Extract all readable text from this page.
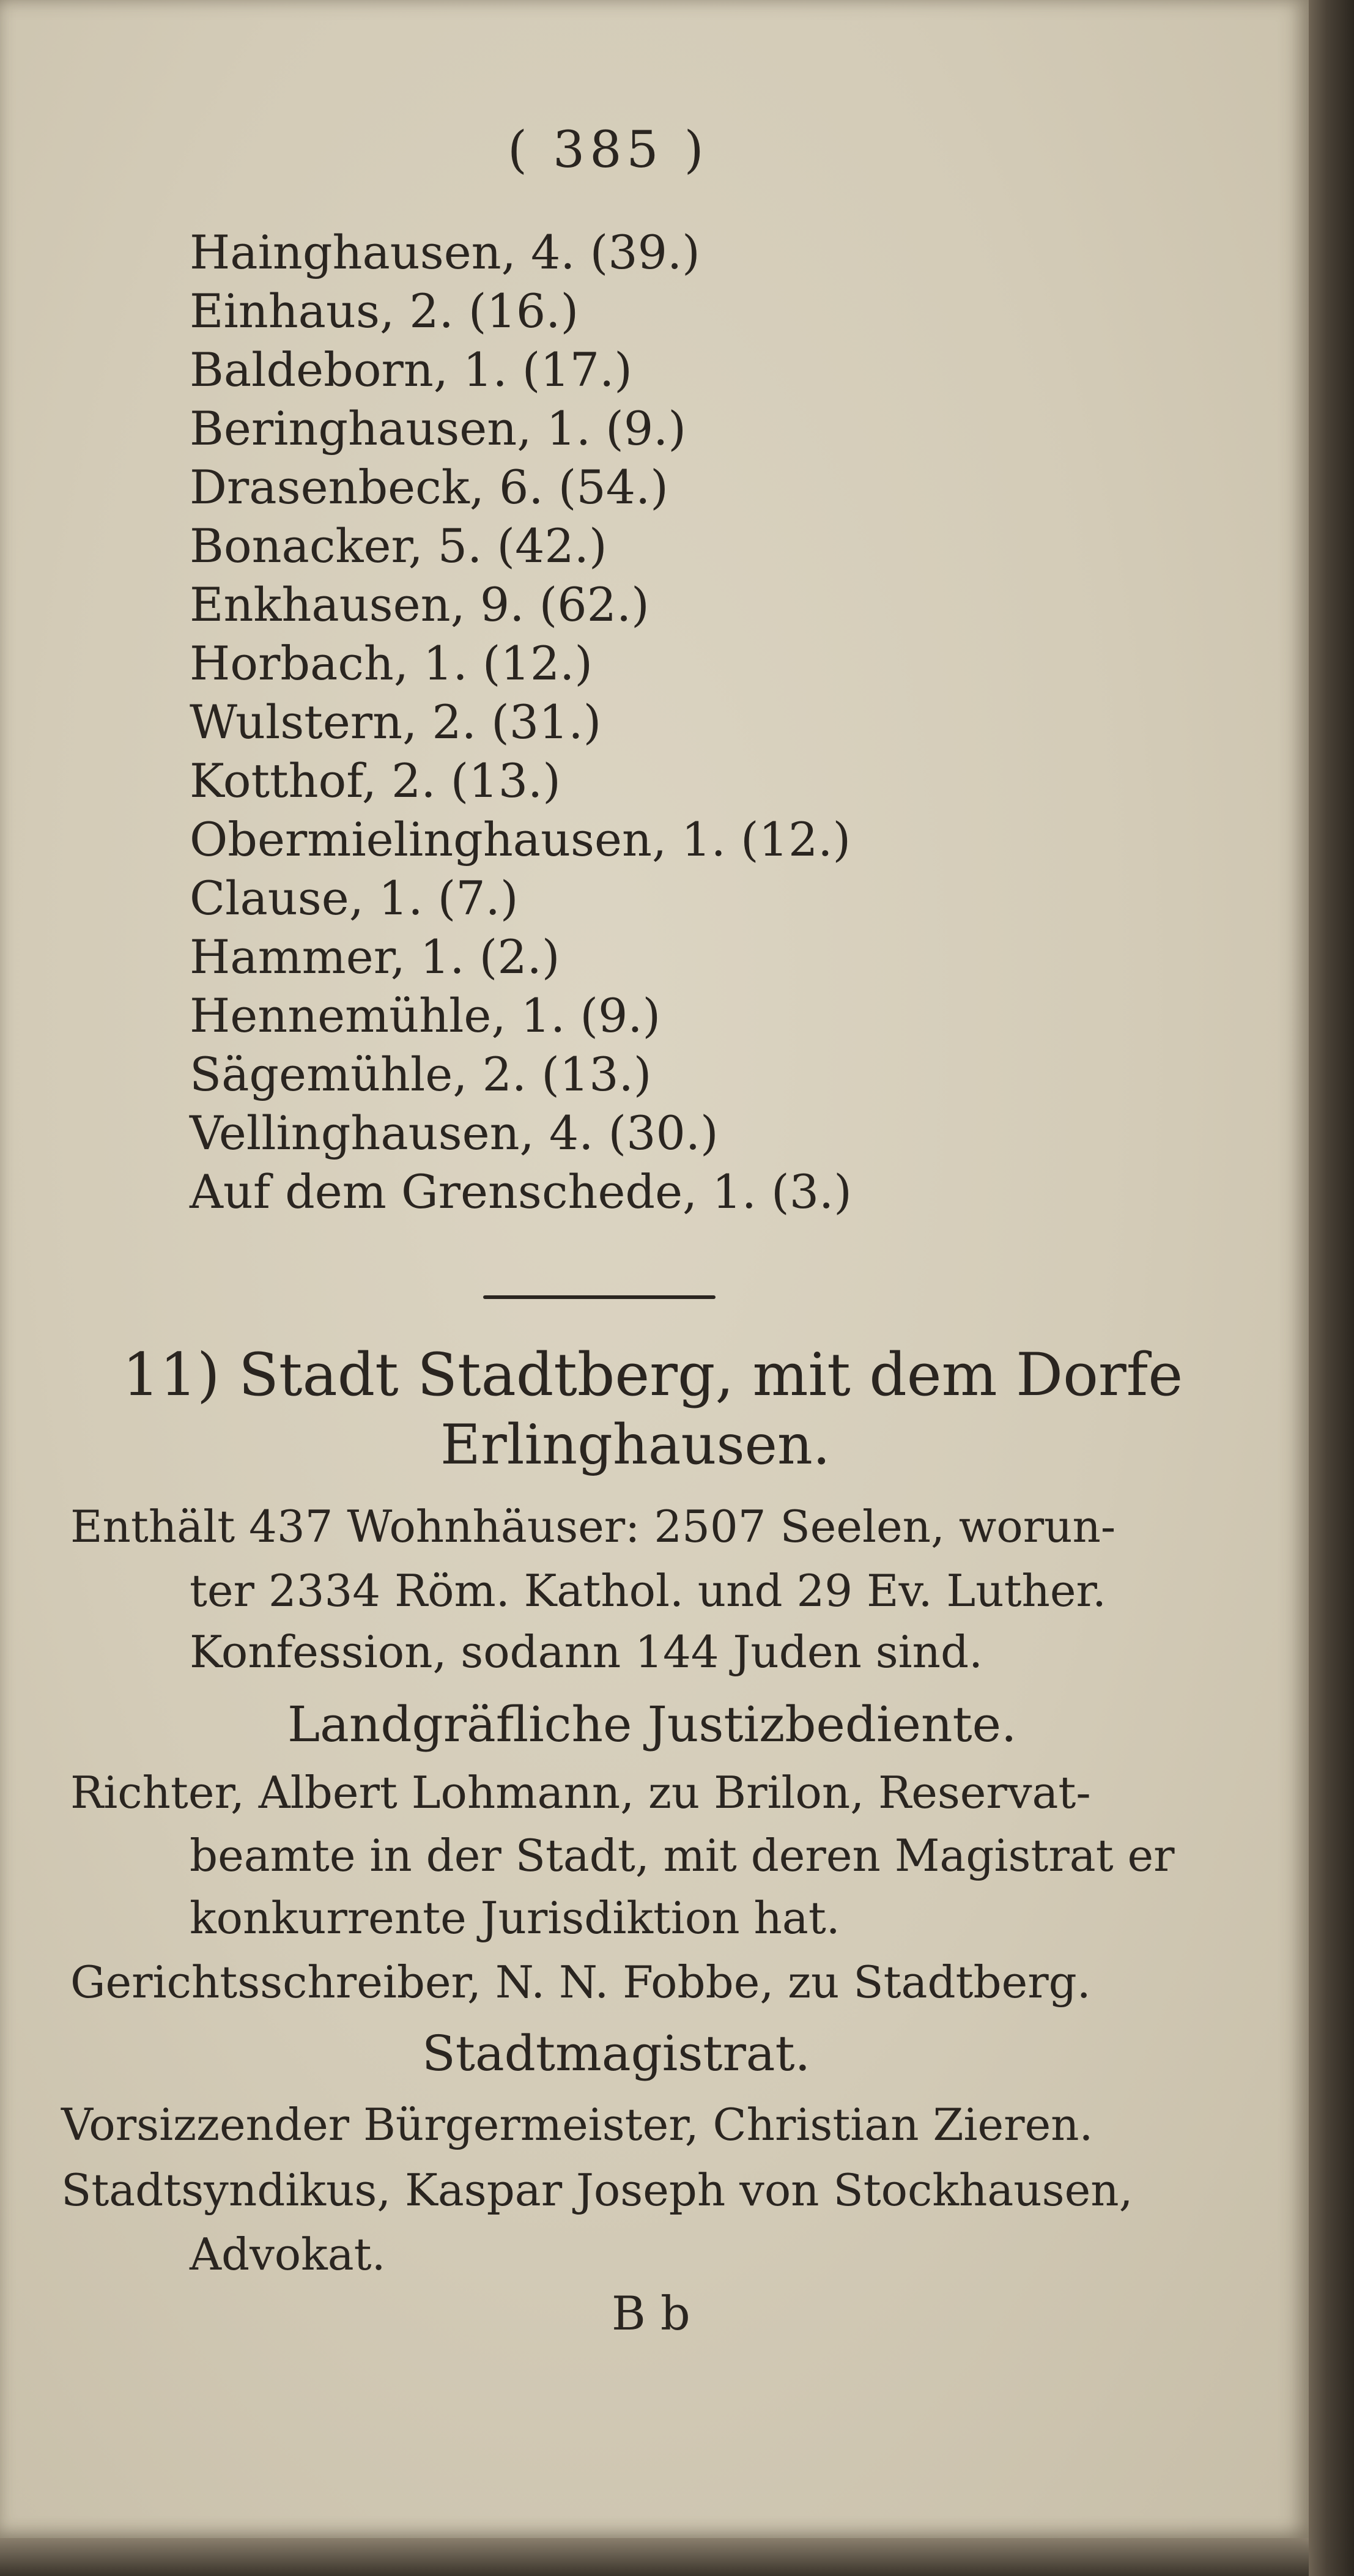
( 385 )
Hainghausen, 4. (39.)
Einhaus, 2. (16.)
Baldeborn, 1. (17.)
Beringhausen, 1. (9.)
Drasenbeck, 6. (54.)
Bonacker, 5. (42.)
Enkhausen, 9. (62.)
Horbach, 1. (12.)
Wulstern, 2. (31.)
Kotthof, 2. (13.)
Obermielinghausen, 1. (12.)
Clause, 1. (7.)
Hammer, 1. (2.)
Hennemühle, 1. (9.)
Sägemühle, 2. (13.)
Vellinghausen, 4. (30.)
Auf dem Grenschede, 1. (3.)
11) Stadt Stadtberg, mit dem Dorfe
Erlinghausen.
Enthält 437 Wohnhäuser: 2507 Seelen, worun-
ter 2334 Röm. Kathol. und 29 Ev. Luther.
Konfession, sodann 144 Juden sind.
Landgräfliche Justizbediente.
Richter, Albert Lohmann, zu Brilon, Reservat-
beamte in der Stadt, mit deren Magistrat er
konkurrente Jurisdiktion hat.
Gerichtsschreiber, N. N. Fobbe, zu Stadtberg.
Stadtmagistrat.
Vorsizzender Bürgermeister, Christian Zieren.
Stadtsyndikus, Kaspar Joseph von Stockhausen,
Advokat.
B b
